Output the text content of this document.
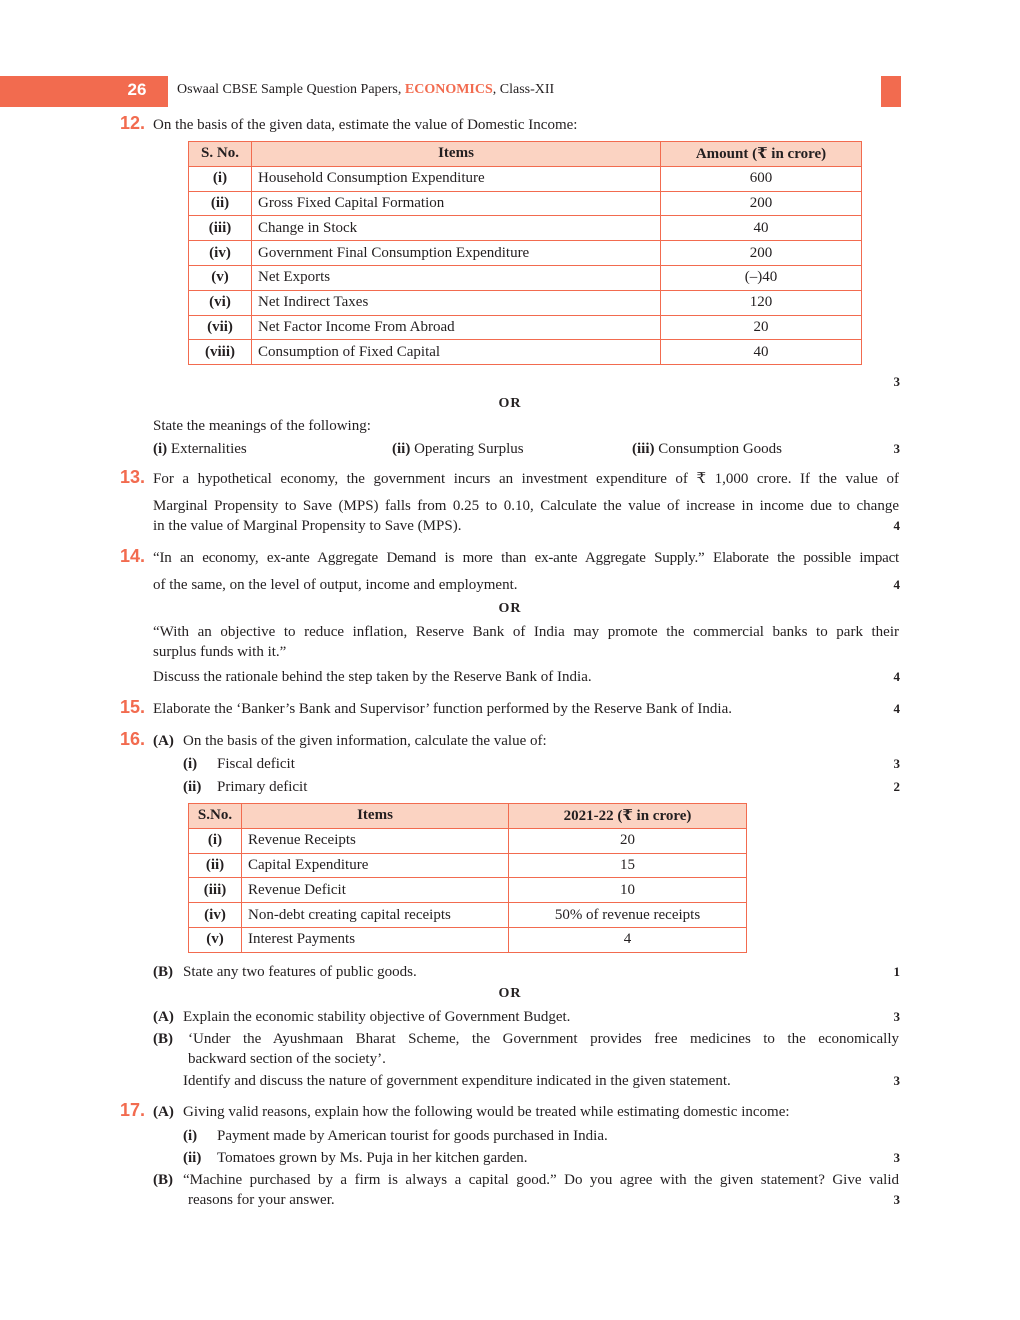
26	Oswaal CBSE Sample Question Papers, ECONOMICS, Class-XII
12. On the basis of the given data, estimate the value of Domestic Income:
S. No.	Items	Amount (₹ in crore)
(i)	Household Consumption Expenditure	600
(ii)	Gross Fixed Capital Formation	200
(iii)	Change in Stock	40
(iv)	Government Final Consumption Expenditure	200
(v)	Net Exports	(–)40
(vi)	Net Indirect Taxes	120
(vii)	Net Factor Income From Abroad	20
(viii)	Consumption of Fixed Capital	40
3
OR
State the meanings of the following:
(i) Externalities	(ii) Operating Surplus	(iii) Consumption Goods	3
13. For a hypothetical economy, the government incurs an investment expenditure of ₹ 1,000 crore. If the value of
Marginal Propensity to Save (MPS) falls from 0.25 to 0.10, Calculate the value of increase in income due to change
in the value of Marginal Propensity to Save (MPS).	4
14. “In an economy, ex-ante Aggregate Demand is more than ex-ante Aggregate Supply.” Elaborate the possible impact
of the same, on the level of output, income and employment.	4
OR
“With an objective to reduce inflation, Reserve Bank of India may promote the commercial banks to park their
surplus funds with it.”
Discuss the rationale behind the step taken by the Reserve Bank of India.	4
15. Elaborate the ‘Banker’s Bank and Supervisor’ function performed by the Reserve Bank of India.	4
16. (A) On the basis of the given information, calculate the value of:
(i) Fiscal deficit	3
(ii) Primary deficit	2
S.No.	Items	2021-22 (₹ in crore)
(i)	Revenue Receipts	20
(ii)	Capital Expenditure	15
(iii)	Revenue Deficit	10
(iv)	Non-debt creating capital receipts	50% of revenue receipts
(v)	Interest Payments	4
(B) State any two features of public goods.	1
OR
(A) Explain the economic stability objective of Government Budget.	3
(B) ‘Under the Ayushmaan Bharat Scheme, the Government provides free medicines to the economically
backward section of the society’.
Identify and discuss the nature of government expenditure indicated in the given statement.	3
17. (A) Giving valid reasons, explain how the following would be treated while estimating domestic income:
(i) Payment made by American tourist for goods purchased in India.
(ii) Tomatoes grown by Ms. Puja in her kitchen garden.	3
(B) “Machine purchased by a firm is always a capital good.” Do you agree with the given statement? Give valid
reasons for your answer.	3
